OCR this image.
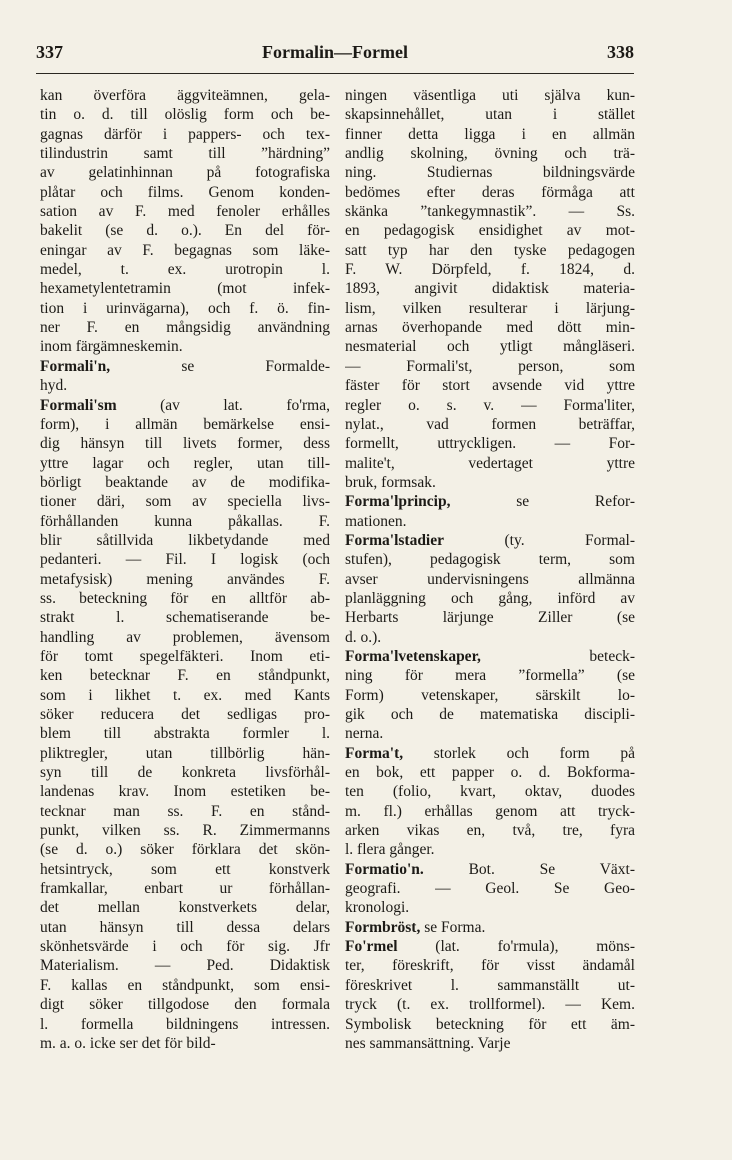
337	Formalin—Formel	338
kan överföra äggviteämnen, gela-
tin o. d. till olöslig form och be-
gagnas därför i pappers- och tex-
tilindustrin samt till ”härdning”
av gelatinhinnan på fotografiska
plåtar och films. Genom konden-
sation av F. med fenoler erhålles
bakelit (se d. o.). En del för-
eningar av F. begagnas som läke-
medel, t. ex. urotropin l.
hexametylentetramin (mot infek-
tion i urinvägarna), och f. ö. fin-
ner F. en mångsidig användning
inom färgämneskemin.
Formali'n, se Formalde-
hyd.
Formali'sm (av lat. fo'rma,
form), i allmän bemärkelse ensi-
dig hänsyn till livets former, dess
yttre lagar och regler, utan till-
börligt beaktande av de modifika-
tioner däri, som av speciella livs-
förhållanden kunna påkallas. F.
blir såtillvida likbetydande med
pedanteri. — Fil. I logisk (och
metafysisk) mening användes F.
ss. beteckning för en alltför ab-
strakt l. schematiserande be-
handling av problemen, ävensom
för tomt spegelfäkteri. Inom eti-
ken betecknar F. en ståndpunkt,
som i likhet t. ex. med Kants
söker reducera det sedligas pro-
blem till abstrakta formler l.
pliktregler, utan tillbörlig hän-
syn till de konkreta livsförhål-
landenas krav. Inom estetiken be-
tecknar man ss. F. en stånd-
punkt, vilken ss. R. Zimmermanns
(se d. o.) söker förklara det skön-
hetsintryck, som ett konstverk
framkallar, enbart ur förhållan-
det mellan konstverkets delar,
utan hänsyn till dessa delars
skönhetsvärde i och för sig. Jfr
Materialism. — Ped. Didaktisk
F. kallas en ståndpunkt, som ensi-
digt söker tillgodose den formala
l. formella bildningens intressen.
m. a. o. icke ser det för bild-
ningen väsentliga uti själva kun-
skapsinnehållet, utan i stället
finner detta ligga i en allmän
andlig skolning, övning och trä-
ning. Studiernas bildningsvärde
bedömes efter deras förmåga att
skänka ”tankegymnastik”. — Ss.
en pedagogisk ensidighet av mot-
satt typ har den tyske pedagogen
F. W. Dörpfeld, f. 1824, d.
1893, angivit didaktisk materia-
lism, vilken resulterar i lärjung-
arnas överhopande med dött min-
nesmaterial och ytligt mångläseri.
— Formali'st, person, som
fäster för stort avsende vid yttre
regler o. s. v. — Forma'liter,
nylat., vad formen beträffar,
formellt, uttryckligen. — For-
malite't, vedertaget yttre
bruk, formsak.
Forma'lprincip, se Refor-
mationen.
Forma'lstadier (ty. Formal-
stufen), pedagogisk term, som
avser undervisningens allmänna
planläggning och gång, införd av
Herbarts lärjunge Ziller (se
d. o.).
Forma'lvetenskaper, beteck-
ning för mera ”formella” (se
Form) vetenskaper, särskilt lo-
gik och de matematiska discipli-
nerna.
Forma't, storlek och form på
en bok, ett papper o. d. Bokforma-
ten (folio, kvart, oktav, duodes
m. fl.) erhållas genom att tryck-
arken vikas en, två, tre, fyra
l. flera gånger.
Formatio'n. Bot. Se Växt-
geografi. — Geol. Se Geo-
kronologi.
Formbröst, se Forma.
Fo'rmel (lat. fo'rmula), möns-
ter, föreskrift, för visst ändamål
föreskrivet l. sammanställt ut-
tryck (t. ex. trollformel). — Kem.
Symbolisk beteckning för ett äm-
nes sammansättning. Varje
